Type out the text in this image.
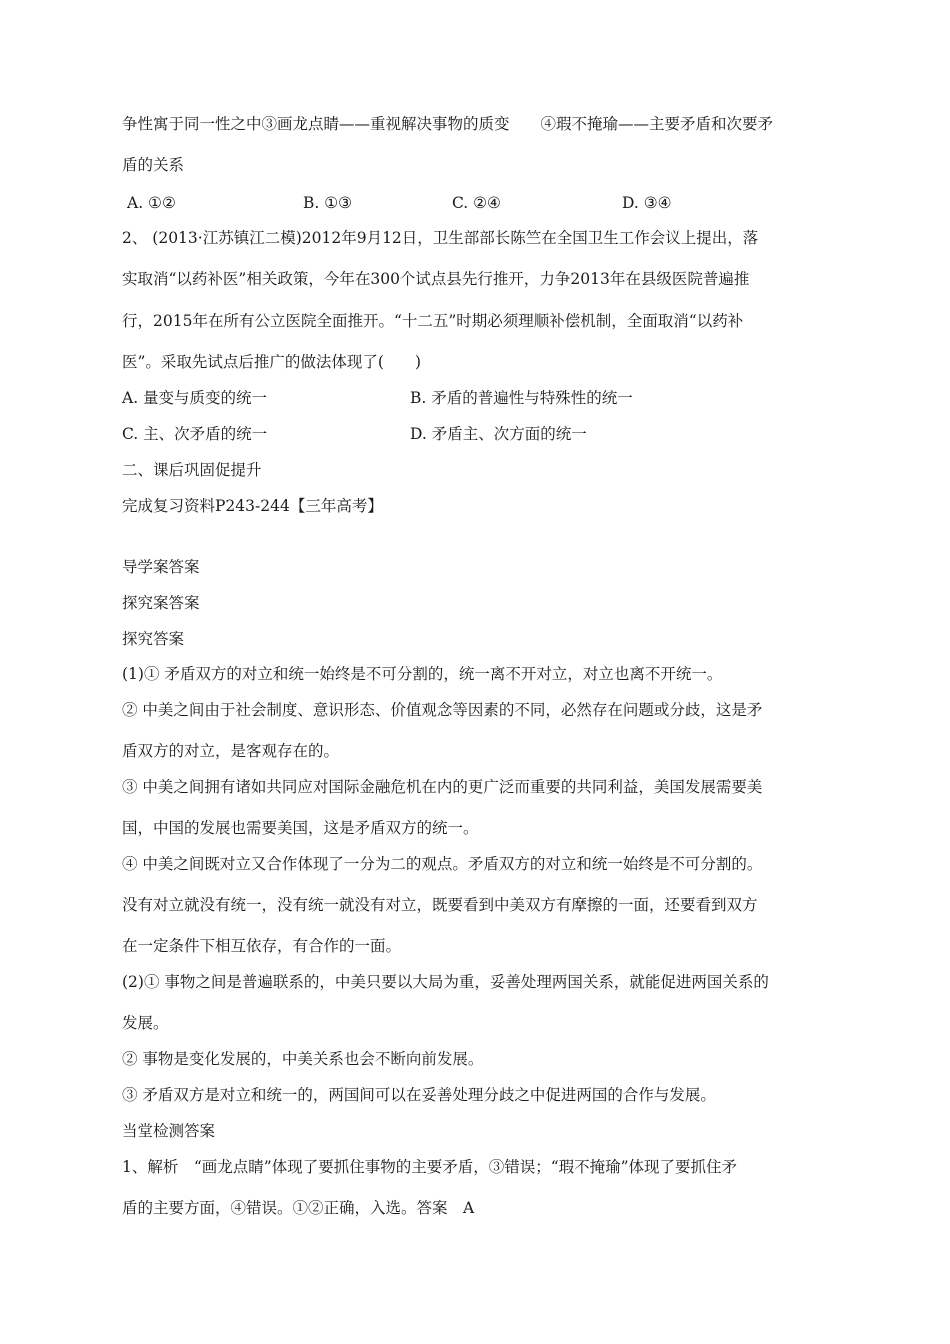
争性寓于同一性之中③画龙点睛——重视解决事物的质变　　④瑕不掩瑜——主要矛盾和次要矛
盾的关系
A. ①②	B. ①③	C. ②④	D. ③④
2、 (2013·江苏镇江二模)2012年9月12日，卫生部部长陈竺在全国卫生工作会议上提出，落
实取消“以药补医”相关政策，今年在300个试点县先行推开，力争2013年在县级医院普遍推
行，2015年在所有公立医院全面推开。“十二五”时期必须理顺补偿机制，全面取消“以药补
医”。采取先试点后推广的做法体现了(　　)
A. 量变与质变的统一	B. 矛盾的普遍性与特殊性的统一
C. 主、次矛盾的统一	D. 矛盾主、次方面的统一
二、课后巩固促提升
完成复习资料P243-244【三年高考】
导学案答案
探究案答案
探究答案
(1)① 矛盾双方的对立和统一始终是不可分割的，统一离不开对立，对立也离不开统一。
② 中美之间由于社会制度、意识形态、价值观念等因素的不同，必然存在问题或分歧，这是矛
盾双方的对立，是客观存在的。
③ 中美之间拥有诸如共同应对国际金融危机在内的更广泛而重要的共同利益，美国发展需要美
国，中国的发展也需要美国，这是矛盾双方的统一。
④ 中美之间既对立又合作体现了一分为二的观点。矛盾双方的对立和统一始终是不可分割的。
没有对立就没有统一，没有统一就没有对立，既要看到中美双方有摩擦的一面，还要看到双方
在一定条件下相互依存，有合作的一面。
(2)① 事物之间是普遍联系的，中美只要以大局为重，妥善处理两国关系，就能促进两国关系的
发展。
② 事物是变化发展的，中美关系也会不断向前发展。
③ 矛盾双方是对立和统一的，两国间可以在妥善处理分歧之中促进两国的合作与发展。
当堂检测答案
1、解析　“画龙点睛”体现了要抓住事物的主要矛盾，③错误；“瑕不掩瑜”体现了要抓住矛
盾的主要方面，④错误。①②正确，入选。答案　A
